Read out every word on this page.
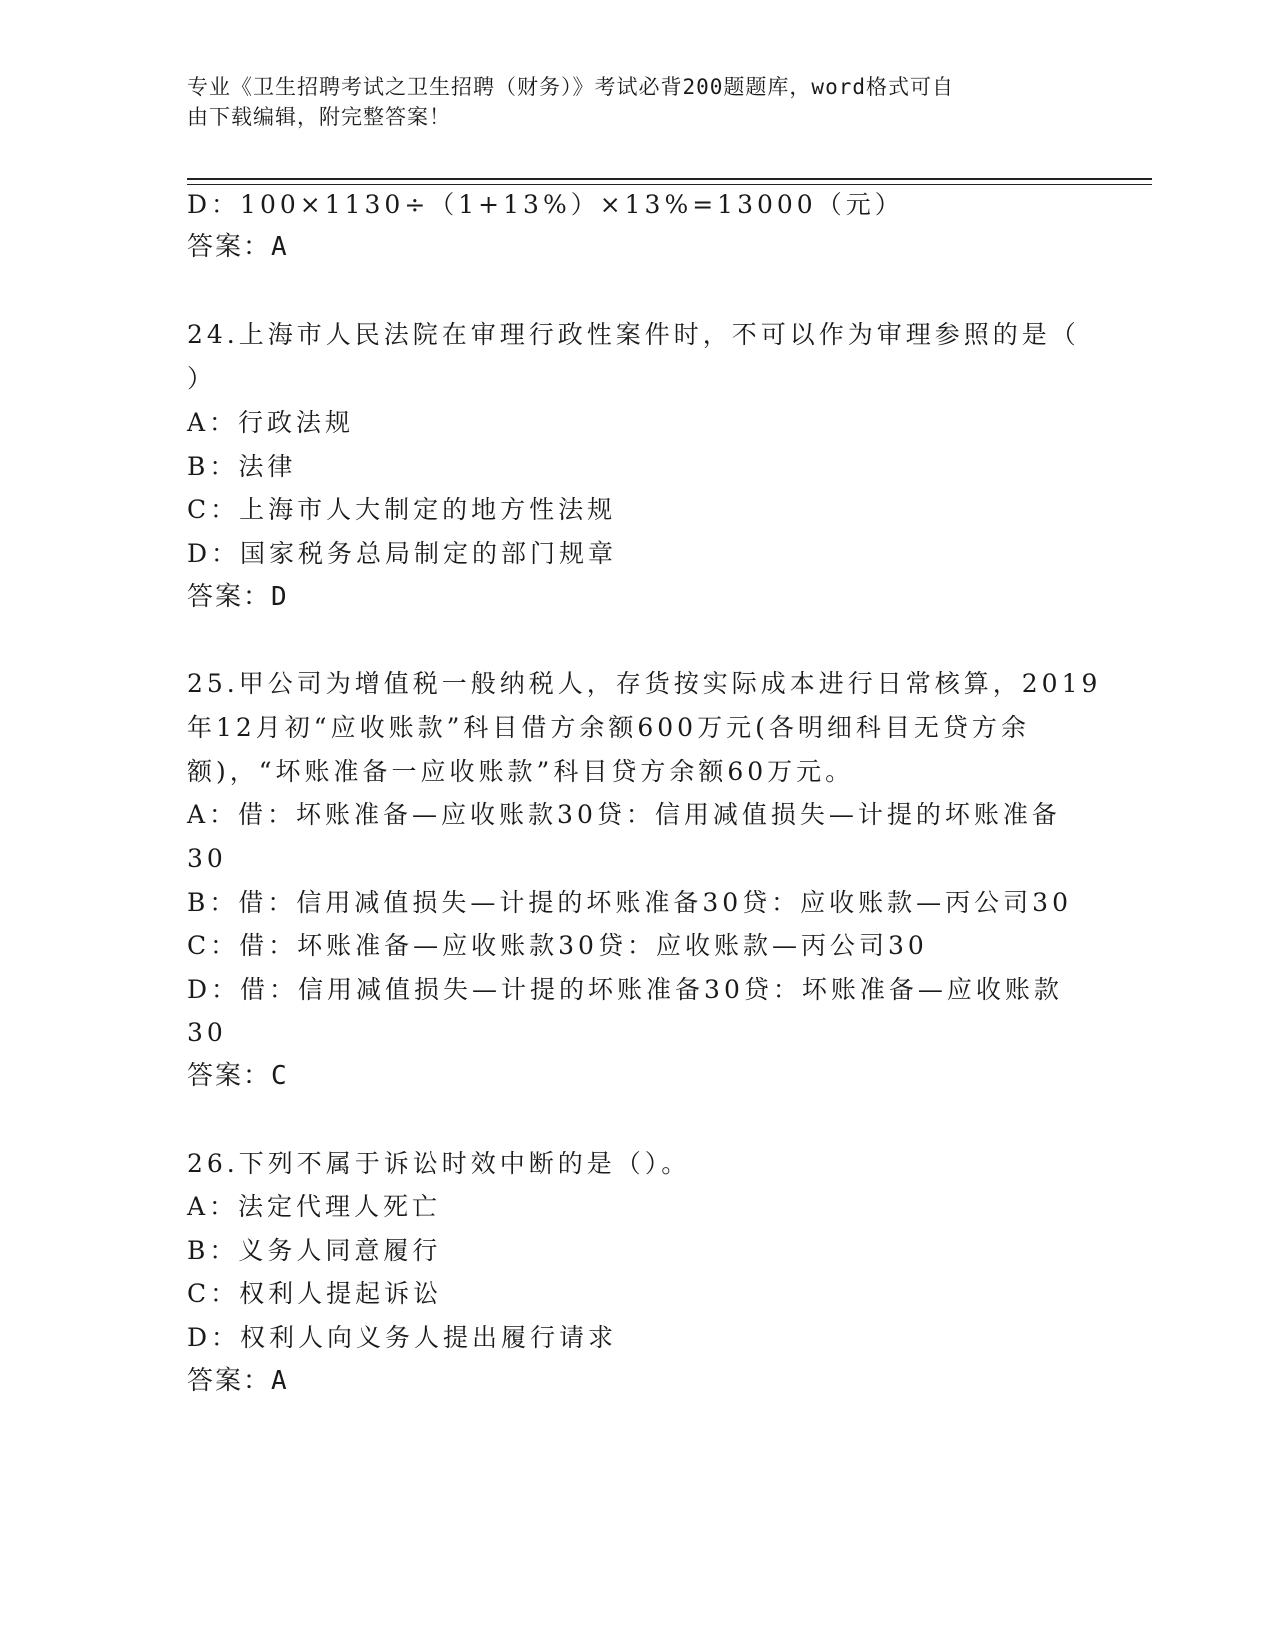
专业《卫生招聘考试之卫生招聘（财务）》考试必背200题题库，word格式可自
由下载编辑，附完整答案！
D：100×1130÷（1+13%）×13%=13000（元）
答案：A
24.上海市人民法院在审理行政性案件时，不可以作为审理参照的是（
）
A：行政法规
B：法律
C：上海市人大制定的地方性法规
D：国家税务总局制定的部门规章
答案：D
25.甲公司为增值税一般纳税人，存货按实际成本进行日常核算，2019
年12月初“应收账款”科目借方余额600万元(各明细科目无贷方余
额)，“坏账准备一应收账款”科目贷方余额60万元。
A：借：坏账准备—应收账款30贷：信用减值损失—计提的坏账准备
30
B：借：信用减值损失—计提的坏账准备30贷：应收账款—丙公司30
C：借：坏账准备—应收账款30贷：应收账款—丙公司30
D：借：信用减值损失—计提的坏账准备30贷：坏账准备—应收账款
30
答案：C
26.下列不属于诉讼时效中断的是（）。
A：法定代理人死亡
B：义务人同意履行
C：权利人提起诉讼
D：权利人向义务人提出履行请求
答案：A
